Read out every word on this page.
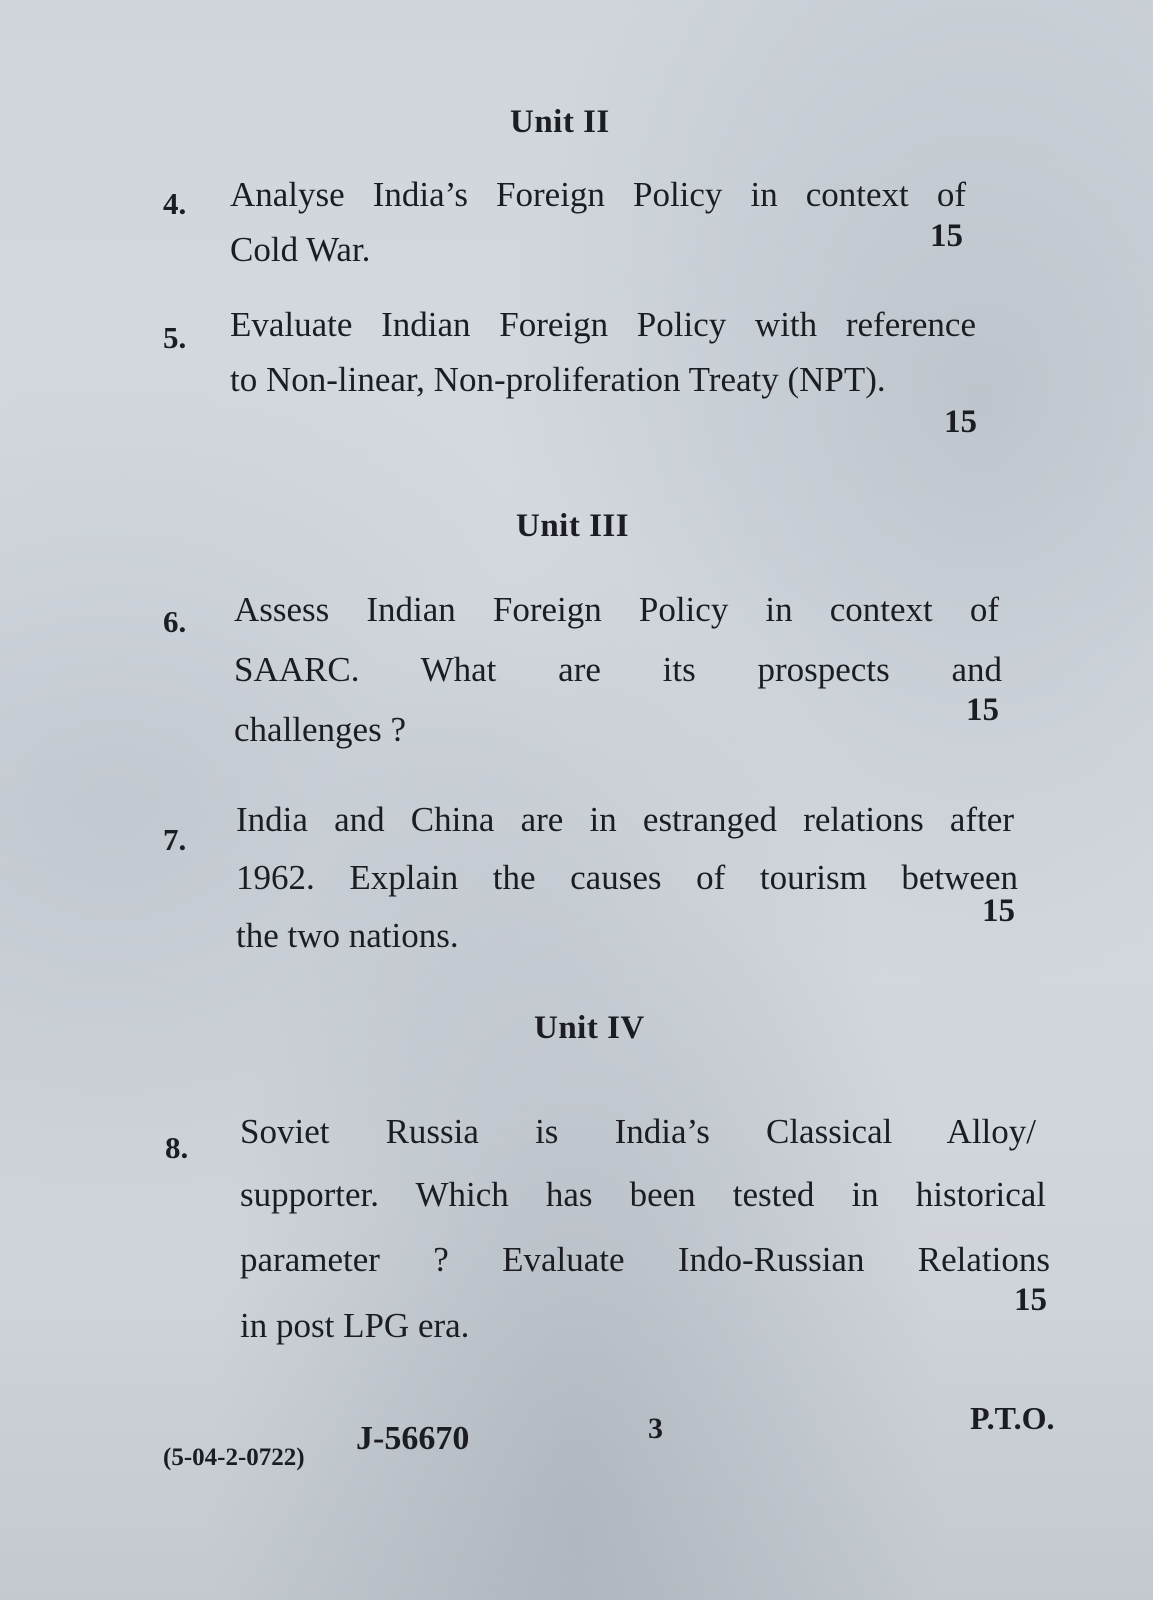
Unit II
4. Analyse India’s Foreign Policy in context of

Cold War.	15
5. Evaluate Indian Foreign Policy with reference

to Non-linear, Non-proliferation Treaty (NPT).

15
Unit III
6. Assess Indian Foreign Policy in context of

SAARC. What are its prospects and

challenges ?	15
7.

India and China are in estranged relations after

1962. Explain the causes of tourism between

the two nations.

15
Unit IV
8. Soviet Russia is India’s Classical Alloy/

supporter. Which has been tested in historical

parameter ? Evaluate Indo-Russian Relations

in post LPG era.

15
(5-04-2-0722)
J-56670	3	P.T.O.
